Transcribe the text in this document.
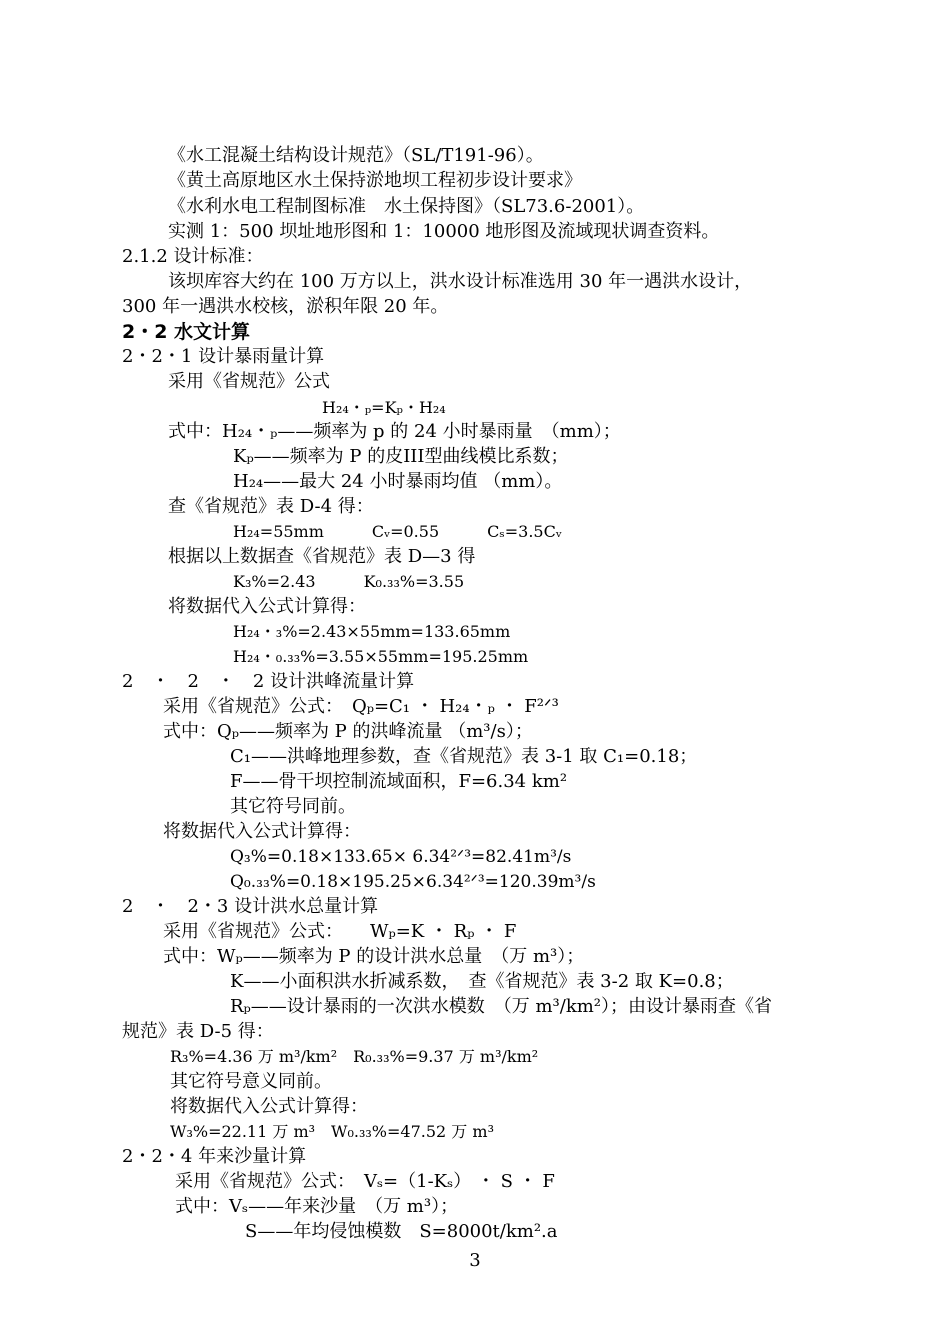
《水工混凝土结构设计规范》（SL/T191-96）。
《黄土高原地区水土保持淤地坝工程初步设计要求》
《水利水电工程制图标准　水土保持图》（SL73.6-2001）。
实测 1：500 坝址地形图和 1：10000 地形图及流域现状调查资料。
2.1.2 设计标准：
该坝库容大约在 100 万方以上，洪水设计标准选用 30 年一遇洪水设计，
300 年一遇洪水校核，淤积年限 20 年。
2・2 水文计算
2・2・1 设计暴雨量计算
采用《省规范》公式
H₂₄・ₚ=Kₚ・H₂₄
式中：H₂₄・ₚ——频率为 p 的 24 小时暴雨量　（mm）；
Kₚ——频率为 P 的皮III型曲线模比系数；
H₂₄——最大 24 小时暴雨均值 （mm）。
查《省规范》表 D-4 得：
H₂₄=55mm　　　Cᵥ=0.55　　　Cₛ=3.5Cᵥ
根据以上数据查《省规范》表 D—3 得
K₃%=2.43　　　K₀.₃₃%=3.55
将数据代入公式计算得：
H₂₄・₃%=2.43×55mm=133.65mm
H₂₄・₀.₃₃%=3.55×55mm=195.25mm
2　・　2　・　2 设计洪峰流量计算
采用《省规范》公式：　Qₚ=C₁ ・ H₂₄・ₚ ・ F²ᐟ³
式中：Qₚ——频率为 P 的洪峰流量 （m³/s）；
C₁——洪峰地理参数，查《省规范》表 3-1 取 C₁=0.18；
F——骨干坝控制流域面积，F=6.34 km²
其它符号同前。
将数据代入公式计算得：
Q₃%=0.18×133.65× 6.34²ᐟ³=82.41m³/s
Q₀.₃₃%=0.18×195.25×6.34²ᐟ³=120.39m³/s
2　・　2・3 设计洪水总量计算
采用《省规范》公式：　　Wₚ=K ・ Rₚ ・ F
式中：Wₚ——频率为 P 的设计洪水总量　（万 m³）；
K——小面积洪水折减系数，　查《省规范》表 3-2 取 K=0.8；
Rₚ——设计暴雨的一次洪水模数　（万 m³/km²）；由设计暴雨查《省
规范》表 D-5 得：
R₃%=4.36 万 m³/km²　R₀.₃₃%=9.37 万 m³/km²
其它符号意义同前。
将数据代入公式计算得：
W₃%=22.11 万 m³　W₀.₃₃%=47.52 万 m³
2・2・4 年来沙量计算
采用《省规范》公式：　Vₛ=（1-Kₛ） ・ S ・ F
式中：Vₛ——年来沙量　（万 m³）；
S——年均侵蚀模数　S=8000t/km².a
3
